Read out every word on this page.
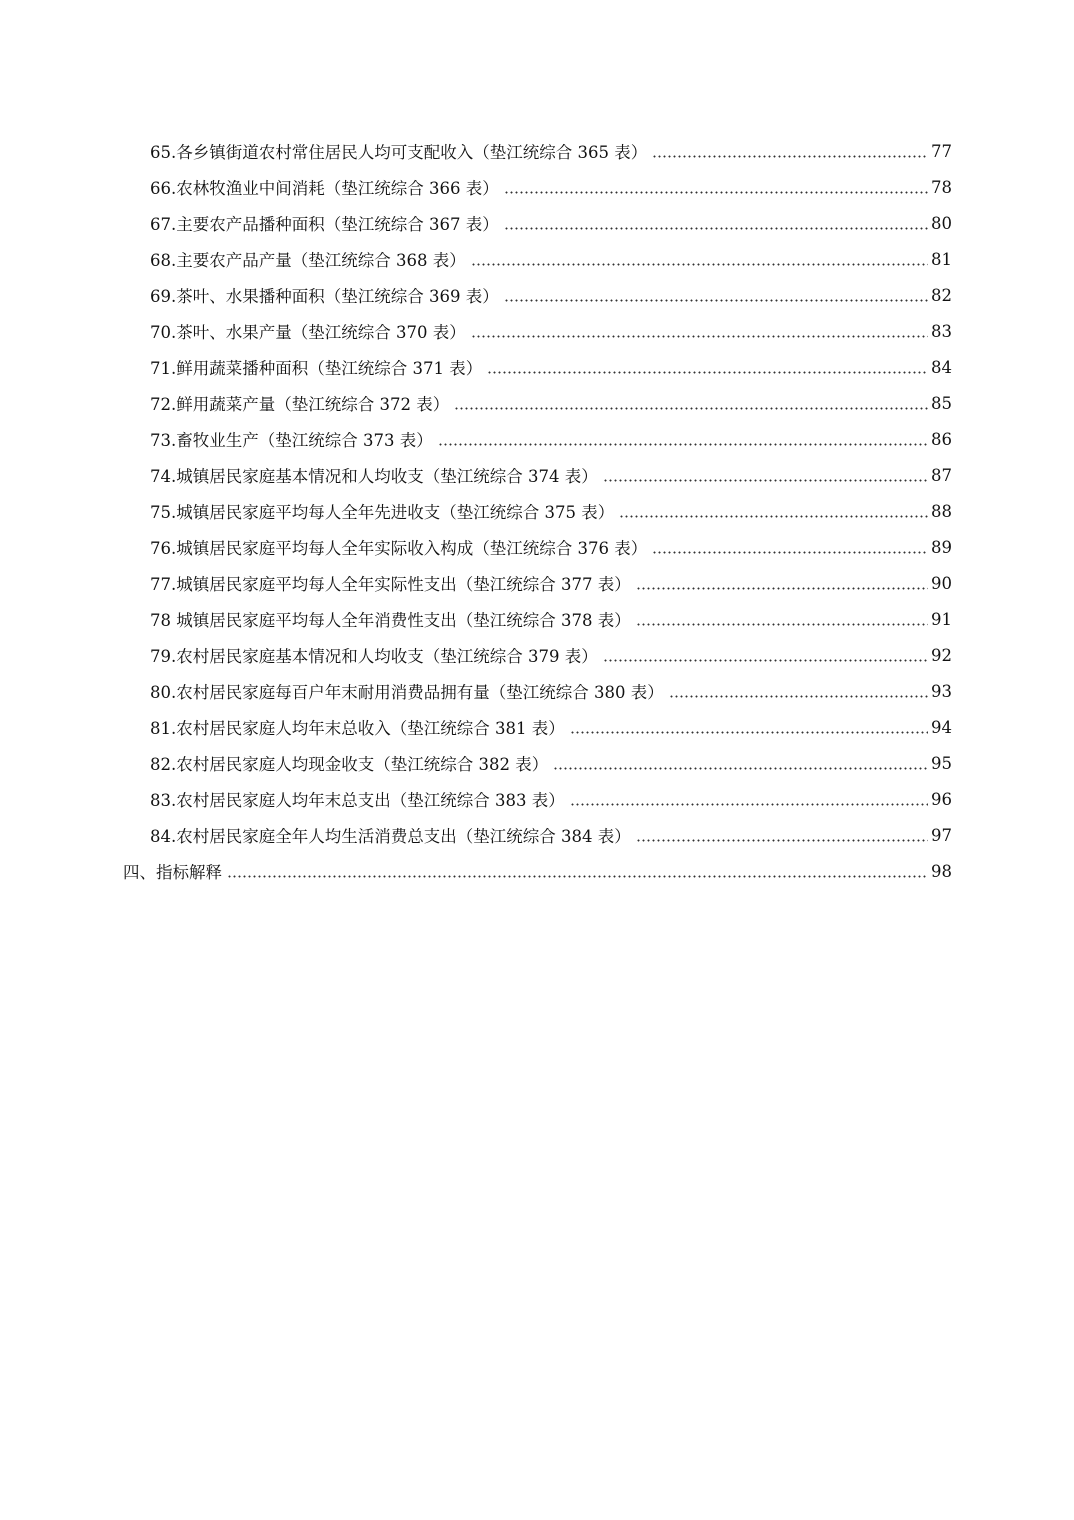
65.各乡镇街道农村常住居民人均可支配收入（垫江统综合 365 表）	77
66.农林牧渔业中间消耗（垫江统综合 366 表）	78
67.主要农产品播种面积（垫江统综合 367 表）	80
68.主要农产品产量（垫江统综合 368 表）	81
69.茶叶、水果播种面积（垫江统综合 369 表）	82
70.茶叶、水果产量（垫江统综合 370 表）	83
71.鲜用蔬菜播种面积（垫江统综合 371 表）	84
72.鲜用蔬菜产量（垫江统综合 372 表）	85
73.畜牧业生产（垫江统综合 373 表）	86
74.城镇居民家庭基本情况和人均收支（垫江统综合 374 表）	87
75.城镇居民家庭平均每人全年先进收支（垫江统综合 375 表）	88
76.城镇居民家庭平均每人全年实际收入构成（垫江统综合 376 表）	89
77.城镇居民家庭平均每人全年实际性支出（垫江统综合 377 表）	90
78 城镇居民家庭平均每人全年消费性支出（垫江统综合 378 表）	91
79.农村居民家庭基本情况和人均收支（垫江统综合 379 表）	92
80.农村居民家庭每百户年末耐用消费品拥有量（垫江统综合 380 表）	93
81.农村居民家庭人均年末总收入（垫江统综合 381 表）	94
82.农村居民家庭人均现金收支（垫江统综合 382 表）	95
83.农村居民家庭人均年末总支出（垫江统综合 383 表）	96
84.农村居民家庭全年人均生活消费总支出（垫江统综合 384 表）	97
四、指标解释	98
